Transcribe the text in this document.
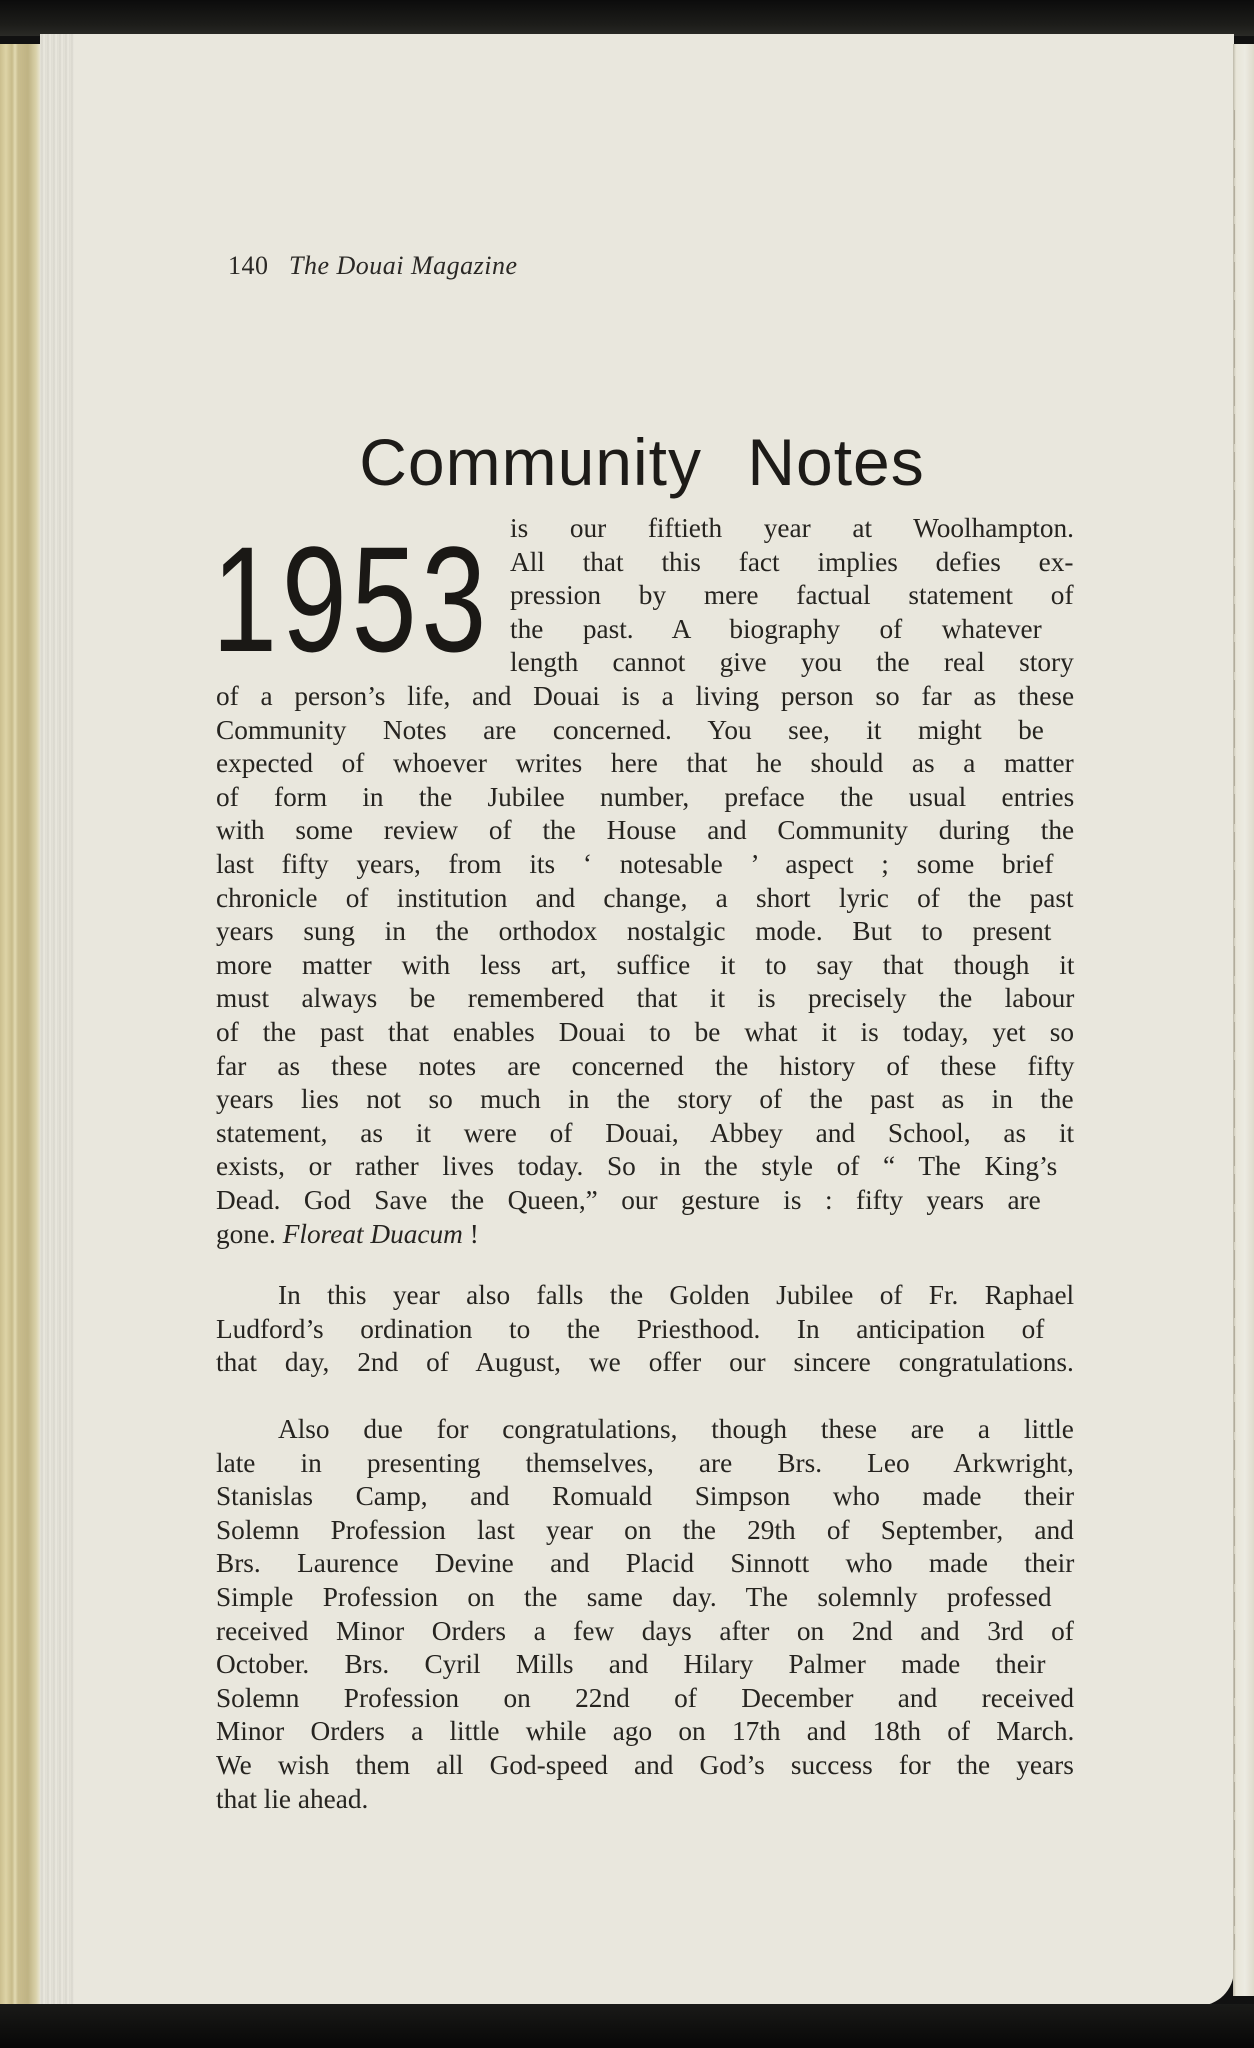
140 The Douai Magazine
Community Notes
1953 is our fiftieth year at Woolhampton.
All that this fact implies defies ex-
pression by mere factual statement of
the past. A biography of whatever
length cannot give you the real story
of a person’s life, and Douai is a living person so far as these
Community Notes are concerned. You see, it might be
expected of whoever writes here that he should as a matter
of form in the Jubilee number, preface the usual entries
with some review of the House and Community during the
last fifty years, from its ‘ notesable ’ aspect ; some brief
chronicle of institution and change, a short lyric of the past
years sung in the orthodox nostalgic mode. But to present
more matter with less art, suffice it to say that though it
must always be remembered that it is precisely the labour
of the past that enables Douai to be what it is today, yet so
far as these notes are concerned the history of these fifty
years lies not so much in the story of the past as in the
statement, as it were of Douai, Abbey and School, as it
exists, or rather lives today. So in the style of “ The King’s
Dead. God Save the Queen,” our gesture is : fifty years are
gone. Floreat Duacum !
In this year also falls the Golden Jubilee of Fr. Raphael
Ludford’s ordination to the Priesthood. In anticipation of
that day, 2nd of August, we offer our sincere congratulations.
Also due for congratulations, though these are a little
late in presenting themselves, are Brs. Leo Arkwright,
Stanislas Camp, and Romuald Simpson who made their
Solemn Profession last year on the 29th of September, and
Brs. Laurence Devine and Placid Sinnott who made their
Simple Profession on the same day. The solemnly professed
received Minor Orders a few days after on 2nd and 3rd of
October. Brs. Cyril Mills and Hilary Palmer made their
Solemn Profession on 22nd of December and received
Minor Orders a little while ago on 17th and 18th of March.
We wish them all God-speed and God’s success for the years
that lie ahead.
